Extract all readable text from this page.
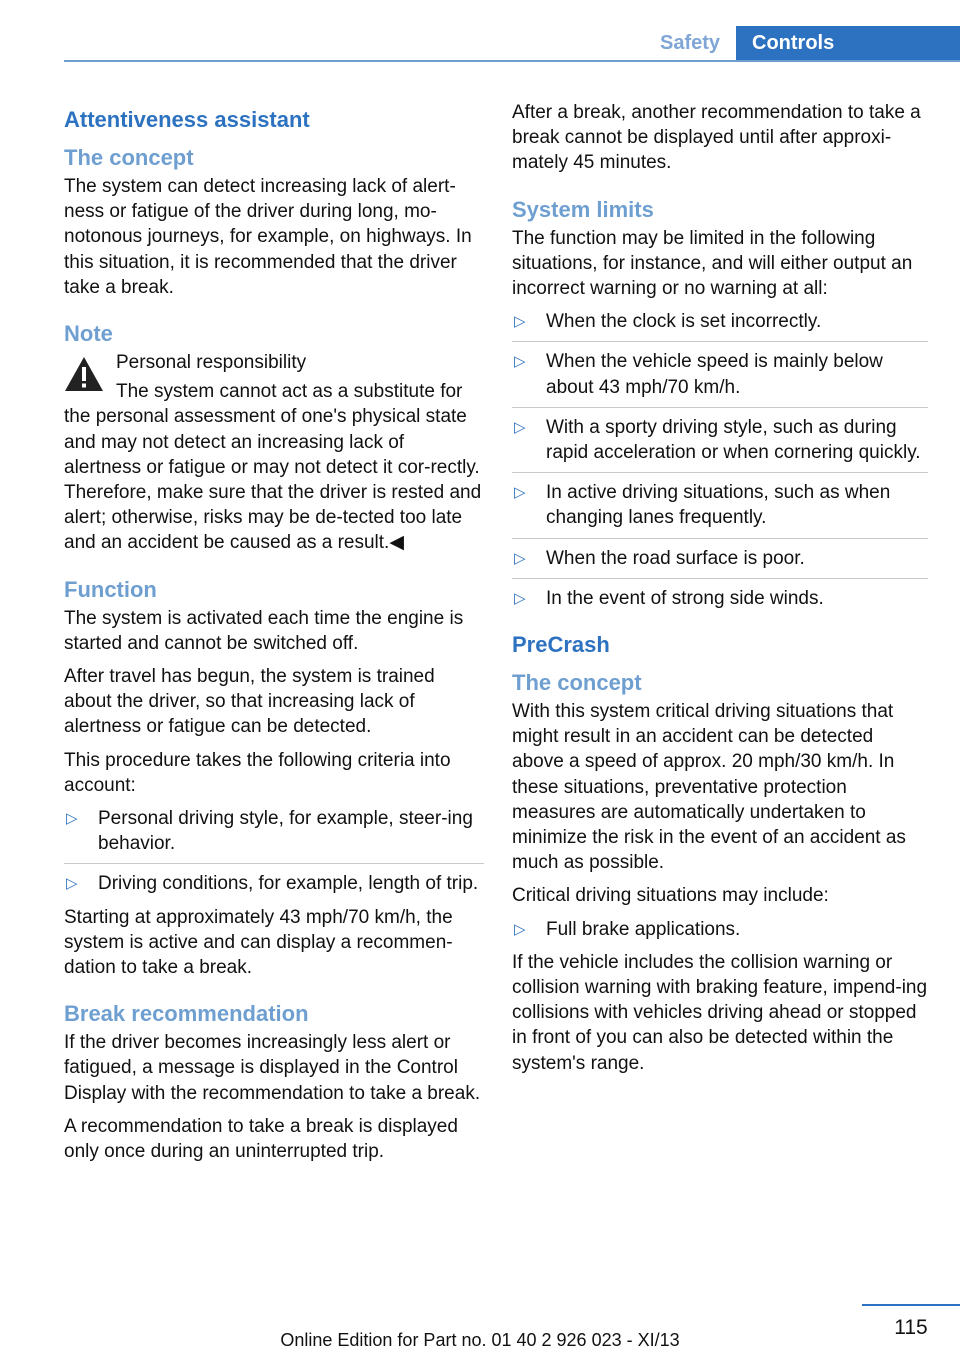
Safety	Controls
Attentiveness assistant
The concept

The system can detect increasing lack of alert‐ness or fatigue of the driver during long, mo‐notonous journeys, for example, on highways. In this situation, it is recommended that the driver take a break.

Note

Personal responsibility

The system cannot act as a substitute for the personal assessment of one's physical state and may not detect an increasing lack of alertness or fatigue or may not detect it cor‐rectly. Therefore, make sure that the driver is rested and alert; otherwise, risks may be de‐tected too late and an accident be caused as a result.◀

Function

The system is activated each time the engine is started and cannot be switched off.

After travel has begun, the system is trained about the driver, so that increasing lack of alertness or fatigue can be detected.

This procedure takes the following criteria into account:

▷ Personal driving style, for example, steer‐ing behavior.
▷ Driving conditions, for example, length of trip.

Starting at approximately 43 mph/70 km/h, the system is active and can display a recommen‐dation to take a break.

Break recommendation

If the driver becomes increasingly less alert or fatigued, a message is displayed in the Control Display with the recommendation to take a break.

A recommendation to take a break is displayed only once during an uninterrupted trip.

After a break, another recommendation to take a break cannot be displayed until after approxi‐mately 45 minutes.

System limits

The function may be limited in the following situations, for instance, and will either output an incorrect warning or no warning at all:

▷ When the clock is set incorrectly.
▷ When the vehicle speed is mainly below about 43 mph/70 km/h.
▷ With a sporty driving style, such as during rapid acceleration or when cornering quickly.
▷ In active driving situations, such as when changing lanes frequently.
▷ When the road surface is poor.
▷ In the event of strong side winds.
PreCrash
The concept

With this system critical driving situations that might result in an accident can be detected above a speed of approx. 20 mph/30 km/h. In these situations, preventative protection measures are automatically undertaken to minimize the risk in the event of an accident as much as possible.

Critical driving situations may include:

▷ Full brake applications.

If the vehicle includes the collision warning or collision warning with braking feature, impend‐ing collisions with vehicles driving ahead or stopped in front of you can also be detected within the system's range.

115
Online Edition for Part no. 01 40 2 926 023 - XI/13
